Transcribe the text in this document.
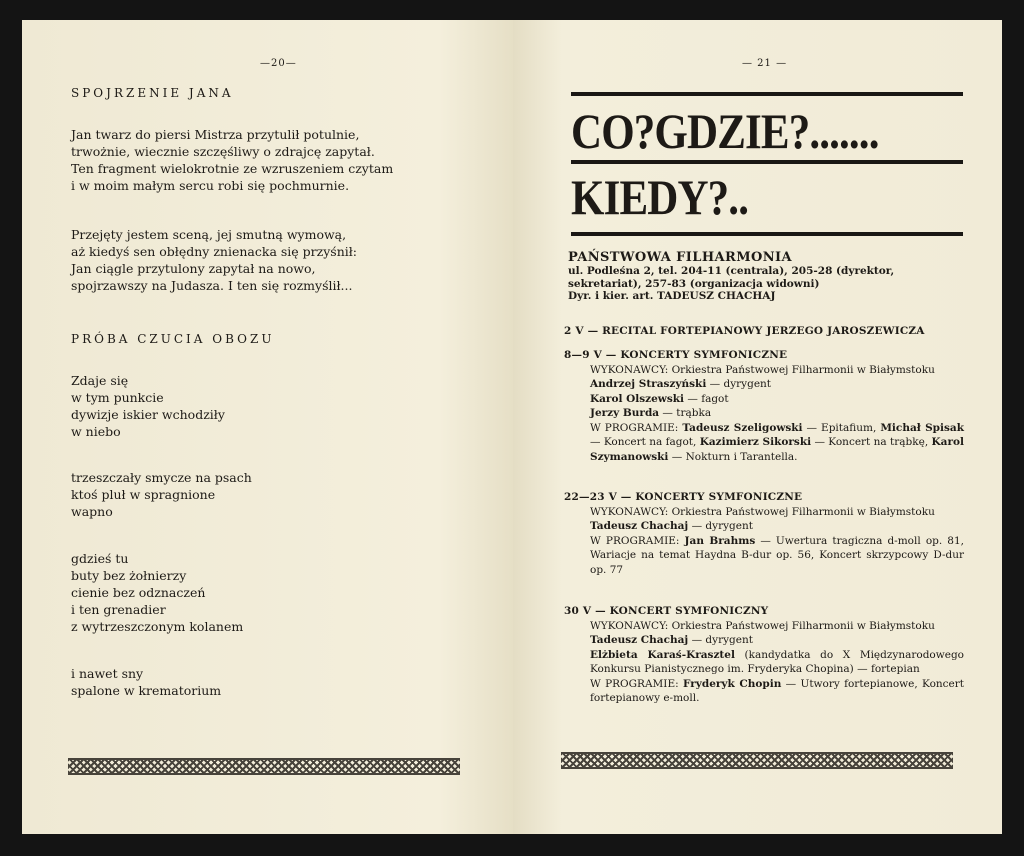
—20—
SPOJRZENIE JANA
Jan twarz do piersi Mistrza przytulił potulnie,
trwożnie, wiecznie szczęśliwy o zdrajcę zapytał.
Ten fragment wielokrotnie ze wzruszeniem czytam
i w moim małym sercu robi się pochmurnie.
Przejęty jestem sceną, jej smutną wymową,
aż kiedyś sen obłędny znienacka się przyśnił:
Jan ciągle przytulony zapytał na nowo,
spojrzawszy na Judasza. I ten się rozmyślił...
PRÓBA CZUCIA OBOZU
Zdaje się
w tym punkcie
dywizje iskier wchodziły
w niebo
trzeszczały smycze na psach
ktoś pluł w spragnione
wapno
gdzieś tu
buty bez żołnierzy
cienie bez odznaczeń
i ten grenadier
z wytrzeszczonym kolanem
i nawet sny
spalone w krematorium
— 21 —
CO?GDZIE?.......
KIEDY?..
PAŃSTWOWA FILHARMONIA
ul. Podleśna 2, tel. 204-11 (centrala), 205-28 (dyrektor, sekretariat), 257-83 (organizacja widowni)
Dyr. i kier. art. TADEUSZ CHACHAJ
2 V — RECITAL FORTEPIANOWY JERZEGO JAROSZEWICZA
8—9 V — KONCERTY SYMFONICZNE
WYKONAWCY: Orkiestra Państwowej Filharmonii w Białymstoku
Andrzej Straszyński — dyrygent
Karol Olszewski — fagot
Jerzy Burda — trąbka
W PROGRAMIE: Tadeusz Szeligowski — Epitafium, Michał Spisak — Koncert na fagot, Kazimierz Sikorski — Koncert na trąbkę, Karol Szymanowski — Nokturn i Tarantella.
22—23 V — KONCERTY SYMFONICZNE
WYKONAWCY: Orkiestra Państwowej Filharmonii w Białymstoku
Tadeusz Chachaj — dyrygent
W PROGRAMIE: Jan Brahms — Uwertura tragiczna d-moll op. 81, Wariacje na temat Haydna B-dur op. 56, Koncert skrzypcowy D-dur op. 77
30 V — KONCERT SYMFONICZNY
WYKONAWCY: Orkiestra Państwowej Filharmonii w Białymstoku
Tadeusz Chachaj — dyrygent
Elżbieta Karaś-Krasztel (kandydatka do X Międzynarodowego Konkursu Pianistycznego im. Fryderyka Chopina) — fortepian
W PROGRAMIE: Fryderyk Chopin — Utwory fortepianowe, Koncert fortepianowy e-moll.
